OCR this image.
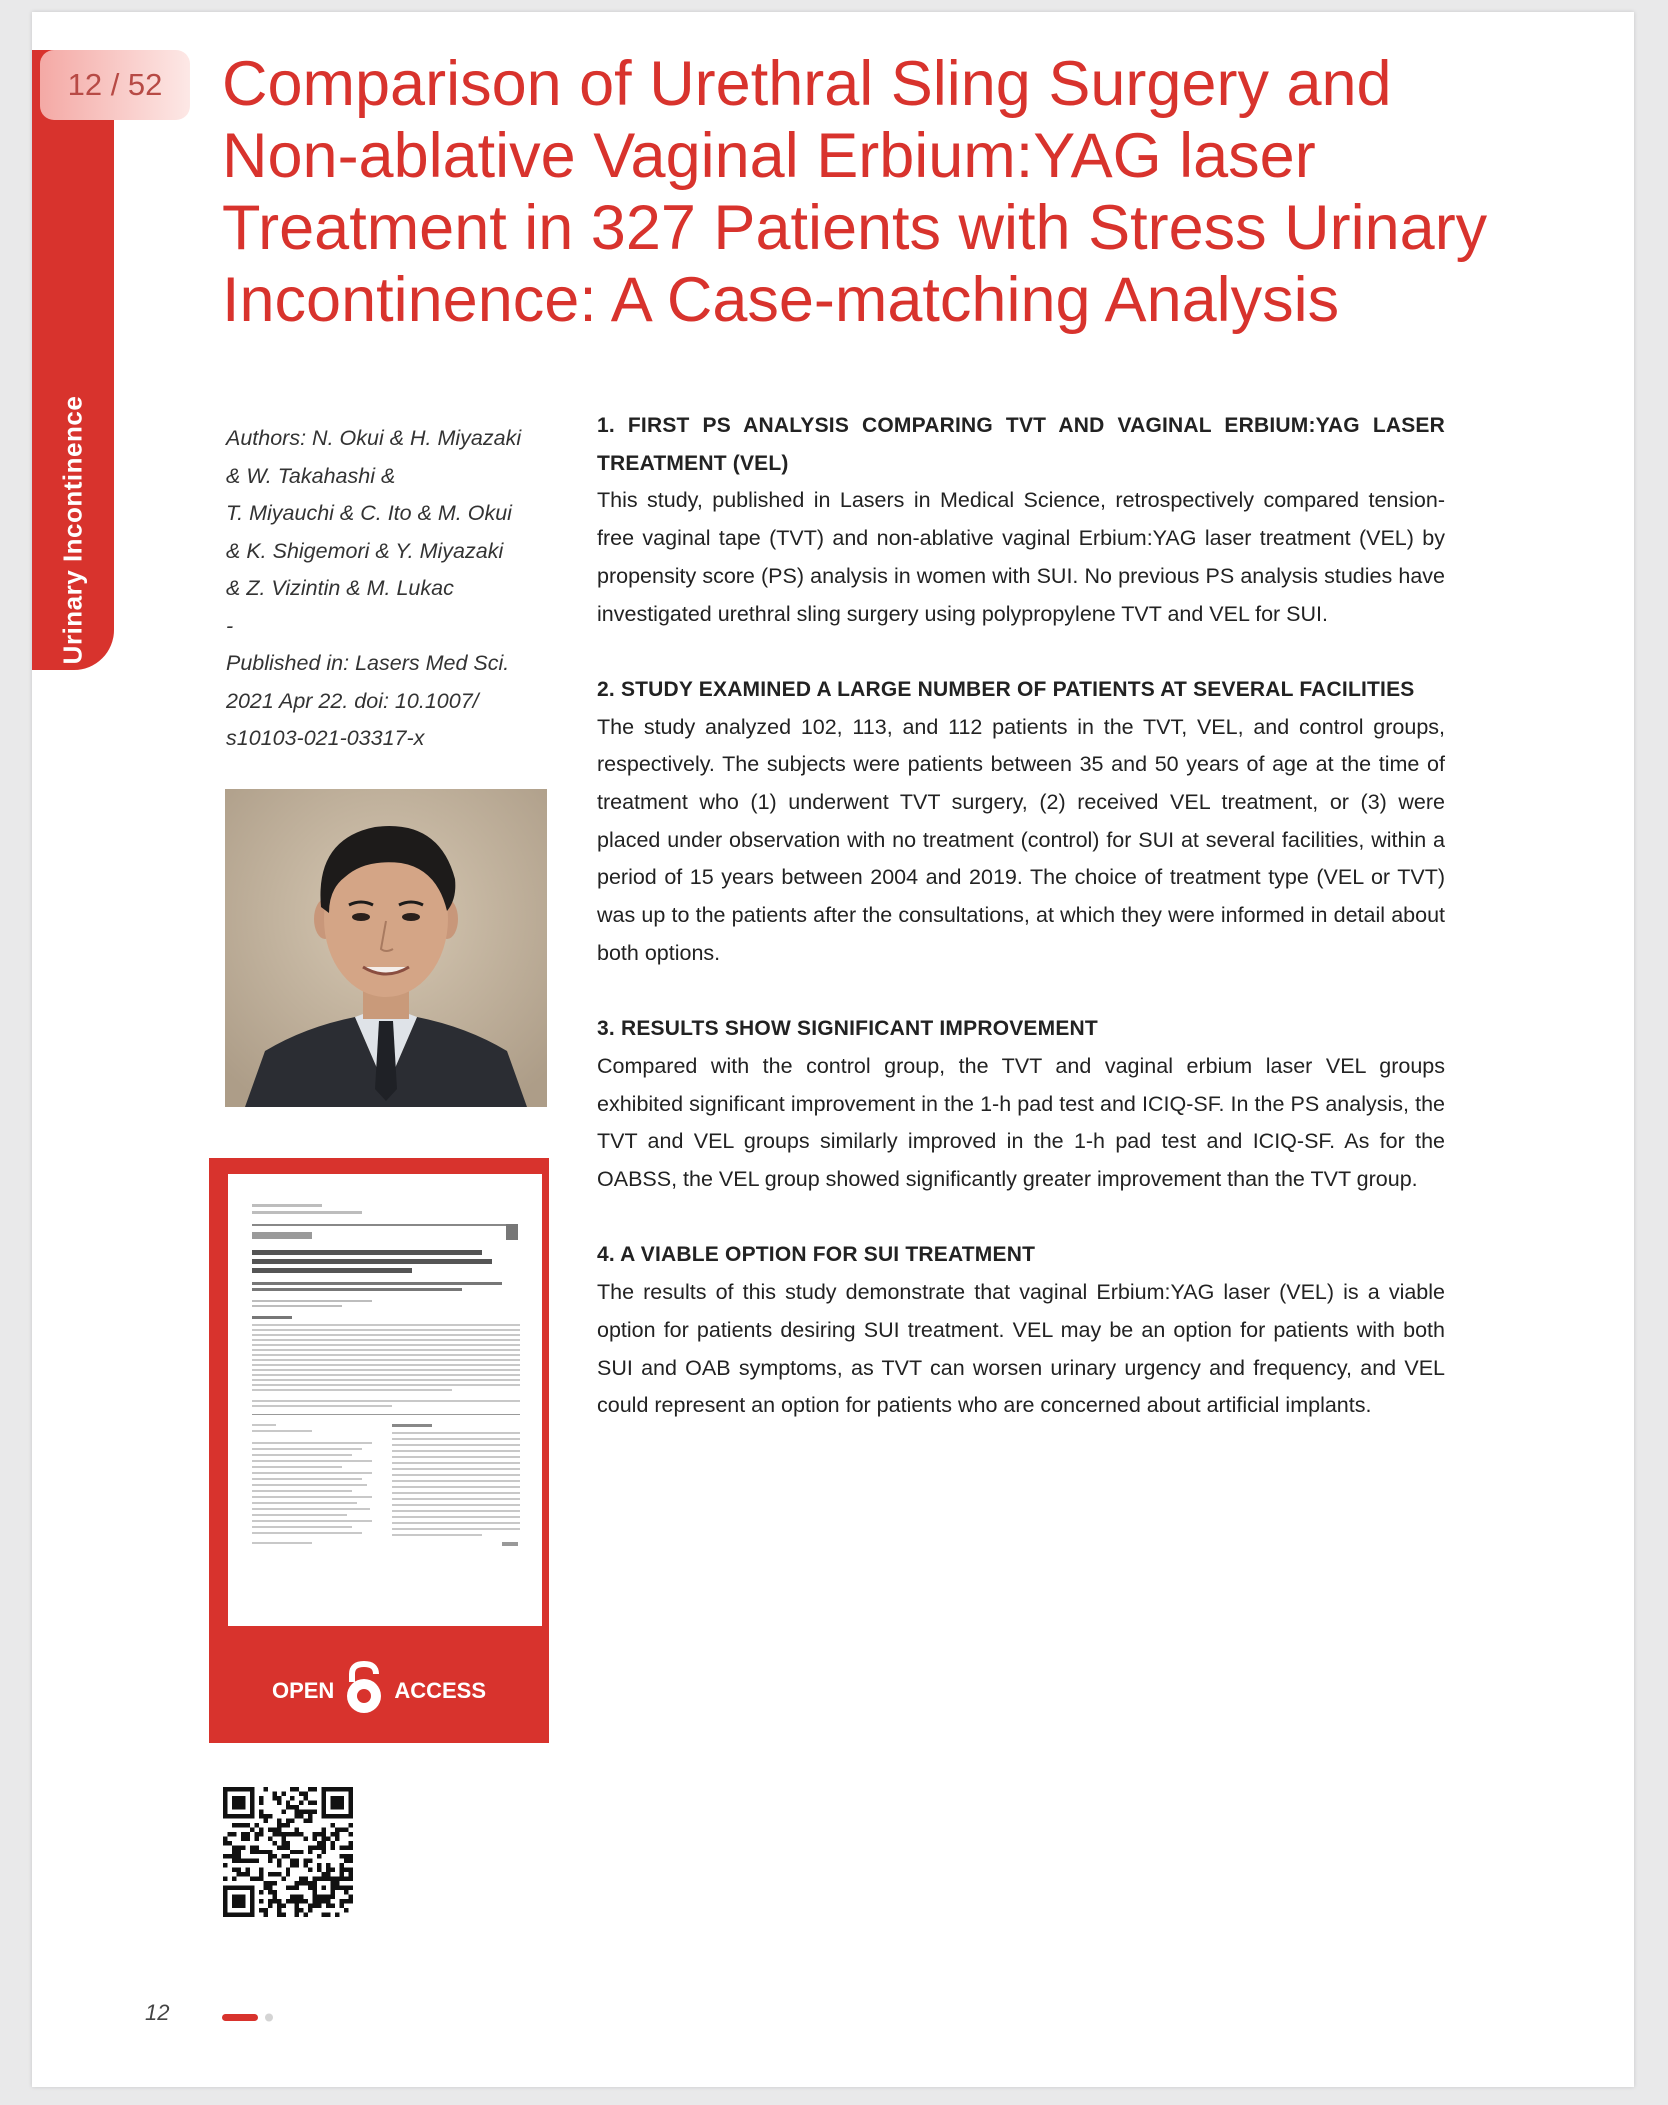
Urinary Incontinence
12 / 52 Comparison of Urethral Sling Surgery and Non-ablative Vaginal Erbium:YAG laser Treatment in 327 Patients with Stress Urinary Incontinence: A Case-matching Analysis
Authors: N. Okui & H. Miyazaki
& W. Takahashi &
T. Miyauchi & C. Ito & M. Okui
& K. Shigemori & Y. Miyazaki
& Z. Vizintin & M. Lukac
-
Published in: Lasers Med Sci.
2021 Apr 22. doi: 10.1007/
s10103-021-03317-x
OPEN	ACCESS
1. FIRST PS ANALYSIS COMPARING TVT AND VAGINAL ERBIUM:YAG LASER TREATMENT (VEL)

This study, published in Lasers in Medical Science, retrospectively compared tension-free vaginal tape (TVT) and non-ablative vaginal Erbium:YAG laser treatment (VEL) by propensity score (PS) analysis in women with SUI. No previous PS analysis studies have investigated urethral sling surgery using polypropylene TVT and VEL for SUI.

2. STUDY EXAMINED A LARGE NUMBER OF PATIENTS AT SEVERAL FACILITIES

The study analyzed 102, 113, and 112 patients in the TVT, VEL, and control groups, respectively. The subjects were patients between 35 and 50 years of age at the time of treatment who (1) underwent TVT surgery, (2) received VEL treatment, or (3) were placed under observation with no treatment (control) for SUI at several facilities, within a period of 15 years between 2004 and 2019. The choice of treatment type (VEL or TVT) was up to the patients after the consultations, at which they were informed in detail about both options.

3. RESULTS SHOW SIGNIFICANT IMPROVEMENT

Compared with the control group, the TVT and vaginal erbium laser VEL groups exhibited significant improvement in the 1-h pad test and ICIQ-SF. In the PS analysis, the TVT and VEL groups similarly improved in the 1-h pad test and ICIQ-SF. As for the OABSS, the VEL group showed significantly greater improvement than the TVT group.

4. A VIABLE OPTION FOR SUI TREATMENT

The results of this study demonstrate that vaginal Erbium:YAG laser (VEL) is a viable option for patients desiring SUI treatment. VEL may be an option for patients with both SUI and OAB symptoms, as TVT can worsen urinary urgency and frequency, and VEL could represent an option for patients who are concerned about artificial implants.

12
